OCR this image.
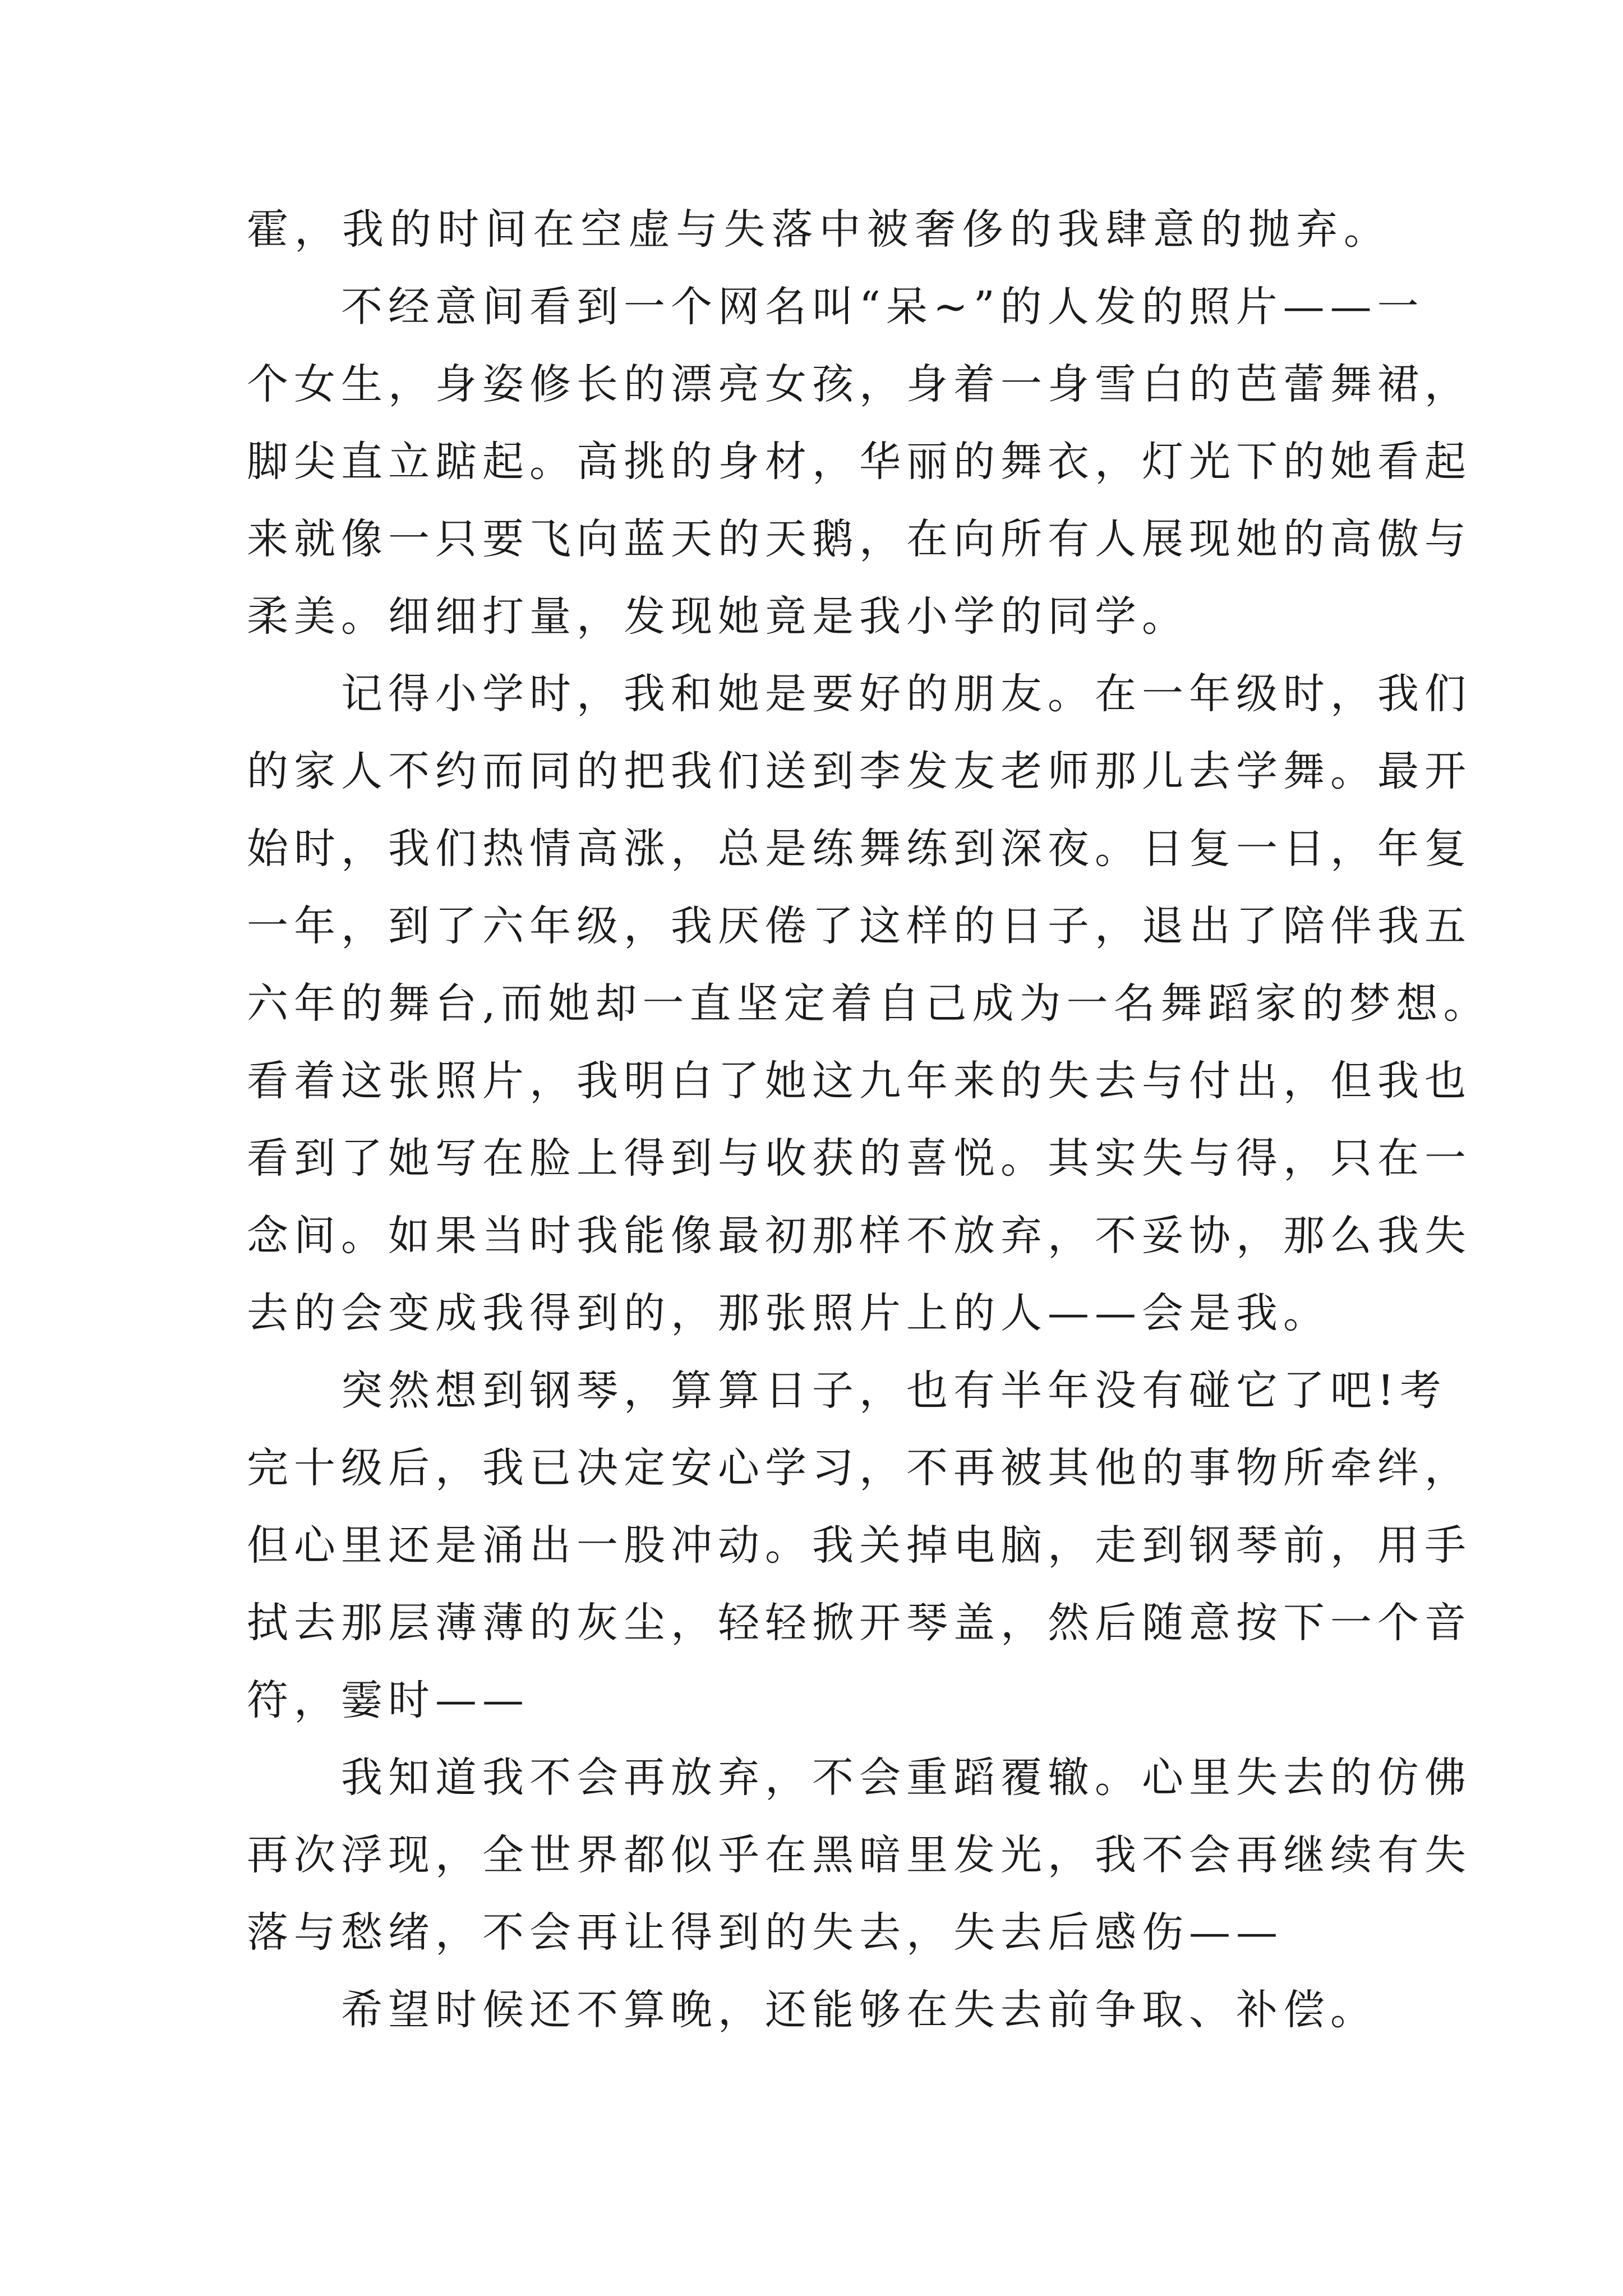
霍，我的时间在空虚与失落中被奢侈的我肆意的抛弃。
不经意间看到一个网名叫“呆~”的人发的照片——一
个女生，身姿修长的漂亮女孩，身着一身雪白的芭蕾舞裙，
脚尖直立踮起。高挑的身材，华丽的舞衣，灯光下的她看起
来就像一只要飞向蓝天的天鹅，在向所有人展现她的高傲与
柔美。细细打量，发现她竟是我小学的同学。
记得小学时，我和她是要好的朋友。在一年级时，我们
的家人不约而同的把我们送到李发友老师那儿去学舞。最开
始时，我们热情高涨，总是练舞练到深夜。日复一日，年复
一年，到了六年级，我厌倦了这样的日子，退出了陪伴我五
六年的舞台,而她却一直坚定着自己成为一名舞蹈家的梦想。
看着这张照片，我明白了她这九年来的失去与付出，但我也
看到了她写在脸上得到与收获的喜悦。其实失与得，只在一
念间。如果当时我能像最初那样不放弃，不妥协，那么我失
去的会变成我得到的，那张照片上的人——会是我。
突然想到钢琴，算算日子，也有半年没有碰它了吧!考
完十级后，我已决定安心学习，不再被其他的事物所牵绊，
但心里还是涌出一股冲动。我关掉电脑，走到钢琴前，用手
拭去那层薄薄的灰尘，轻轻掀开琴盖，然后随意按下一个音
符，霎时——
我知道我不会再放弃，不会重蹈覆辙。心里失去的仿佛
再次浮现，全世界都似乎在黑暗里发光，我不会再继续有失
落与愁绪，不会再让得到的失去，失去后感伤——
希望时候还不算晚，还能够在失去前争取、补偿。
